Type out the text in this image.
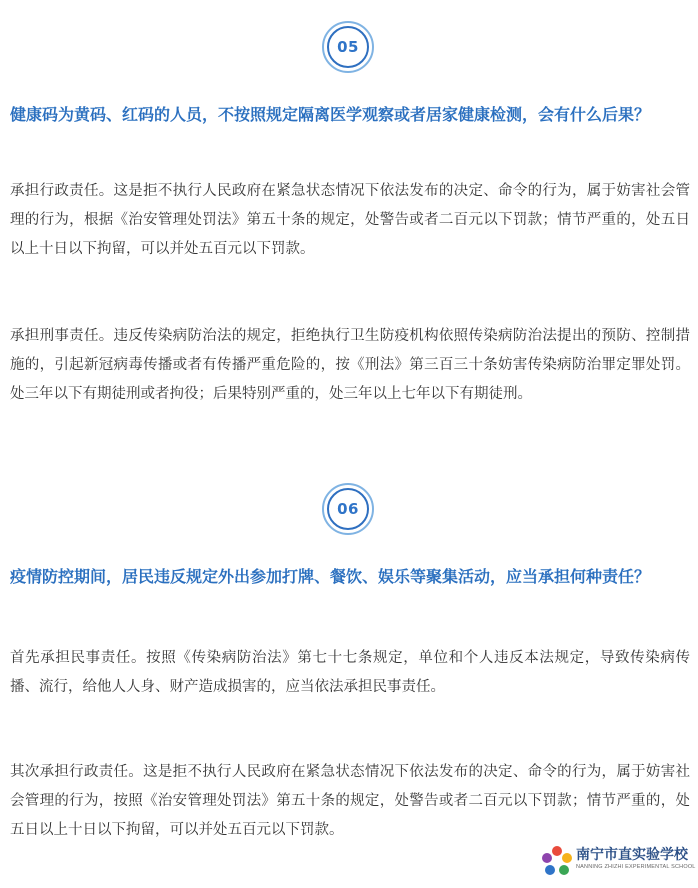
05

健康码为黄码、红码的人员，不按照规定隔离医学观察或者居家健康检测，会有什么后果？

承担行政责任。这是拒不执行人民政府在紧急状态情况下依法发布的决定、命令的行为，属于妨害社会管理的行为，根据《治安管理处罚法》第五十条的规定，处警告或者二百元以下罚款；情节严重的，处五日以上十日以下拘留，可以并处五百元以下罚款。

承担刑事责任。违反传染病防治法的规定，拒绝执行卫生防疫机构依照传染病防治法提出的预防、控制措施的，引起新冠病毒传播或者有传播严重危险的，按《刑法》第三百三十条妨害传染病防治罪定罪处罚。处三年以下有期徒刑或者拘役；后果特别严重的，处三年以上七年以下有期徒刑。

06

疫情防控期间，居民违反规定外出参加打牌、餐饮、娱乐等聚集活动，应当承担何种责任？

首先承担民事责任。按照《传染病防治法》第七十七条规定，单位和个人违反本法规定，导致传染病传播、流行，给他人人身、财产造成损害的，应当依法承担民事责任。

其次承担行政责任。这是拒不执行人民政府在紧急状态情况下依法发布的决定、命令的行为，属于妨害社会管理的行为，按照《治安管理处罚法》第五十条的规定，处警告或者二百元以下罚款；情节严重的，处五日以上十日以下拘留，可以并处五百元以下罚款。

南宁市直实验学校
NANNING ZHIZHI EXPERIMENTAL SCHOOL
